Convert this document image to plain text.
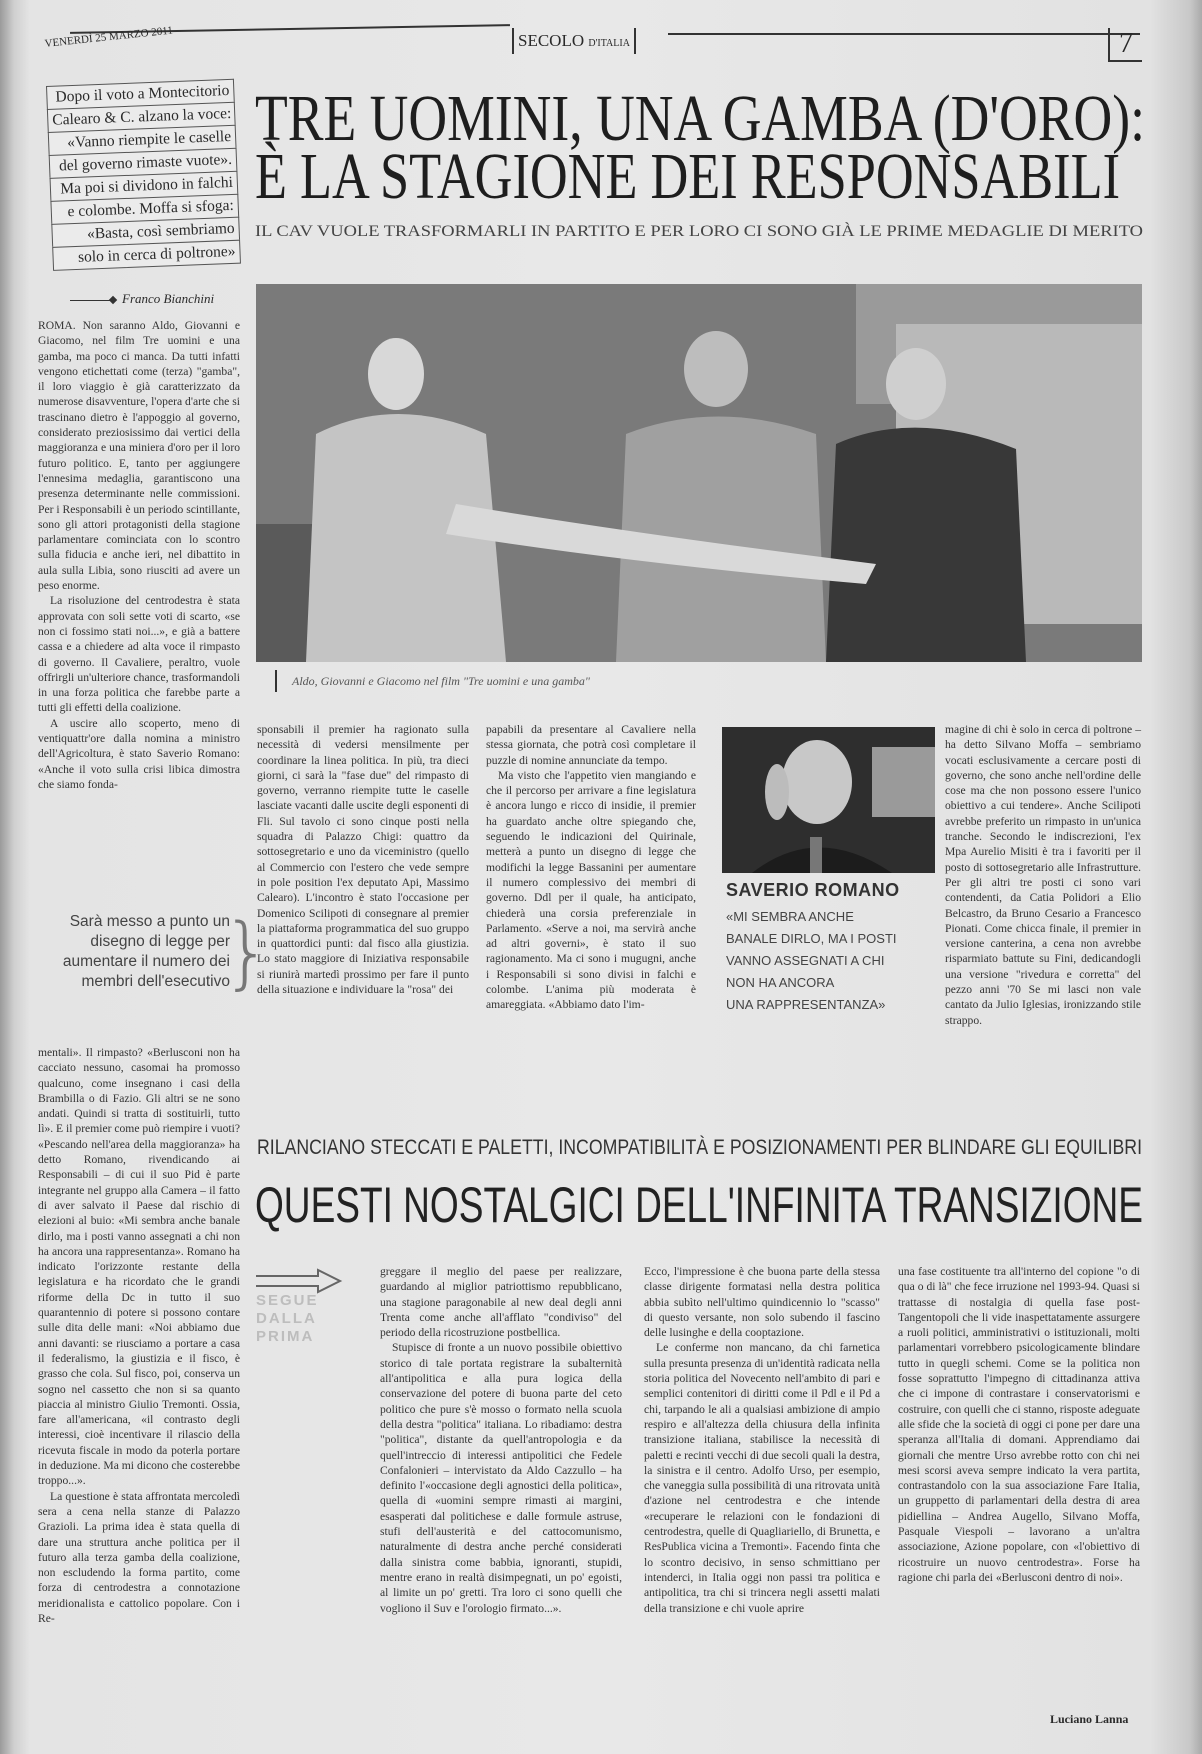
VENERDÌ 25 MARZO 2011	SECOLO D'ITALIA	7
Dopo il voto a Montecitorio
Calearo & C. alzano la voce:
«Vanno riempite le caselle
del governo rimaste vuote».
Ma poi si dividono in falchi
e colombe. Moffa si sfoga:
«Basta, così sembriamo
solo in cerca di poltrone»
TRE UOMINI, UNA GAMBA (D'ORO):
È LA STAGIONE DEI RESPONSABILI
IL CAV VUOLE TRASFORMARLI IN PARTITO E PER LORO CI SONO GIÀ LE PRIME MEDAGLIE DI MERITO
Franco Bianchini

ROMA. Non saranno Aldo, Giovanni e Giacomo, nel film Tre uomini e una gamba, ma poco ci manca. Da tutti infatti vengono etichettati come (terza) "gamba", il loro viaggio è già caratterizzato da numerose disavventure, l'opera d'arte che si trascinano dietro è l'appoggio al governo, considerato preziosissimo dai vertici della maggioranza e una miniera d'oro per il loro futuro politico. E, tanto per aggiungere l'ennesima medaglia, garantiscono una presenza determinante nelle commissioni. Per i Responsabili è un periodo scintillante, sono gli attori protagonisti della stagione parlamentare cominciata con lo scontro sulla fiducia e anche ieri, nel dibattito in aula sulla Libia, sono riusciti ad avere un peso enorme.

La risoluzione del centrodestra è stata approvata con soli sette voti di scarto, «se non ci fossimo stati noi...», e già a battere cassa e a chiedere ad alta voce il rimpasto di governo. Il Cavaliere, peraltro, vuole offrirgli un'ulteriore chance, trasformandoli in una forza politica che farebbe parte a tutti gli effetti della coalizione.

A uscire allo scoperto, meno di ventiquattr'ore dalla nomina a ministro dell'Agricoltura, è stato Saverio Romano: «Anche il voto sulla crisi libica dimostra che siamo fonda-

Sarà messo a punto un disegno di legge per aumentare il numero dei membri dell'esecutivo
}

mentali». Il rimpasto? «Berlusconi non ha cacciato nessuno, casomai ha promosso qualcuno, come insegnano i casi della Brambilla o di Fazio. Gli altri se ne sono andati. Quindi si tratta di sostituirli, tutto lì». E il premier come può riempire i vuoti? «Pescando nell'area della maggioranza» ha detto Romano, rivendicando ai Responsabili – di cui il suo Pid è parte integrante nel gruppo alla Camera – il fatto di aver salvato il Paese dal rischio di elezioni al buio: «Mi sembra anche banale dirlo, ma i posti vanno assegnati a chi non ha ancora una rappresentanza». Romano ha indicato l'orizzonte restante della legislatura e ha ricordato che le grandi riforme della Dc in tutto il suo quarantennio di potere si possono contare sulle dita delle mani: «Noi abbiamo due anni davanti: se riusciamo a portare a casa il federalismo, la giustizia e il fisco, è grasso che cola. Sul fisco, poi, conserva un sogno nel cassetto che non si sa quanto piaccia al ministro Giulio Tremonti. Ossia, fare all'americana, «il contrasto degli interessi, cioè incentivare il rilascio della ricevuta fiscale in modo da poterla portare in deduzione. Ma mi dicono che costerebbe troppo...».

La questione è stata affrontata mercoledì sera a cena nella stanze di Palazzo Grazioli. La prima idea è stata quella di dare una struttura anche politica per il futuro alla terza gamba della coalizione, non escludendo la forma partito, come forza di centrodestra a connotazione meridionalista e cattolico popolare. Con i Re-

Aldo, Giovanni e Giacomo nel film "Tre uomini e una gamba"

sponsabili il premier ha ragionato sulla necessità di vedersi mensilmente per coordinare la linea politica. In più, tra dieci giorni, ci sarà la "fase due" del rimpasto di governo, verranno riempite tutte le caselle lasciate vacanti dalle uscite degli esponenti di Fli. Sul tavolo ci sono cinque posti nella squadra di Palazzo Chigi: quattro da sottosegretario e uno da viceministro (quello al Commercio con l'estero che vede sempre in pole position l'ex deputato Api, Massimo Calearo). L'incontro è stato l'occasione per Domenico Scilipoti di consegnare al premier la piattaforma programmatica del suo gruppo in quattordici punti: dal fisco alla giustizia. Lo stato maggiore di Iniziativa responsabile si riunirà martedì prossimo per fare il punto della situazione e individuare la "rosa" dei

papabili da presentare al Cavaliere nella stessa giornata, che potrà così completare il puzzle di nomine annunciate da tempo.

Ma visto che l'appetito vien mangiando e che il percorso per arrivare a fine legislatura è ancora lungo e ricco di insidie, il premier ha guardato anche oltre spiegando che, seguendo le indicazioni del Quirinale, metterà a punto un disegno di legge che modifichi la legge Bassanini per aumentare il numero complessivo dei membri di governo. Ddl per il quale, ha anticipato, chiederà una corsia preferenziale in Parlamento. «Serve a noi, ma servirà anche ad altri governi», è stato il suo ragionamento. Ma ci sono i mugugni, anche i Responsabili si sono divisi in falchi e colombe. L'anima più moderata è amareggiata. «Abbiamo dato l'im-

SAVERIO ROMANO
«MI SEMBRA ANCHE
BANALE DIRLO, MA I POSTI
VANNO ASSEGNATI A CHI
NON HA ANCORA
UNA RAPPRESENTANZA»

magine di chi è solo in cerca di poltrone – ha detto Silvano Moffa – sembriamo vocati esclusivamente a cercare posti di governo, che sono anche nell'ordine delle cose ma che non possono essere l'unico obiettivo a cui tendere». Anche Scilipoti avrebbe preferito un rimpasto in un'unica tranche. Secondo le indiscrezioni, l'ex Mpa Aurelio Misiti è tra i favoriti per il posto di sottosegretario alle Infrastrutture. Per gli altri tre posti ci sono vari contendenti, da Catia Polidori a Elio Belcastro, da Bruno Cesario a Francesco Pionati. Come chicca finale, il premier in versione canterina, a cena non avrebbe risparmiato battute su Fini, dedicandogli una versione "rivedura e corretta" del pezzo anni '70 Se mi lasci non vale cantato da Julio Iglesias, ironizzando stile strappo.

RILANCIANO STECCATI E PALETTI, INCOMPATIBILITÀ E POSIZIONAMENTI PER BLINDARE GLI EQUILIBRI
QUESTI NOSTALGICI DELL'INFINITA TRANSIZIONE
SEGUE
DALLA
PRIMA

greggare il meglio del paese per realizzare, guardando al miglior patriottismo repubblicano, una stagione paragonabile al new deal degli anni Trenta come anche all'afflato "condiviso" del periodo della ricostruzione postbellica.

Stupisce di fronte a un nuovo possibile obiettivo storico di tale portata registrare la subalternità all'antipolitica e alla pura logica della conservazione del potere di buona parte del ceto politico che pure s'è mosso o formato nella scuola della destra "politica" italiana. Lo ribadiamo: destra "politica", distante da quell'antropologia e da quell'intreccio di interessi antipolitici che Fedele Confalonieri – intervistato da Aldo Cazzullo – ha definito l'«occasione degli agnostici della politica», quella di «uomini sempre rimasti ai margini, esasperati dal politichese e dalle formule astruse, stufi dell'austerità e del cattocomunismo, naturalmente di destra anche perché considerati dalla sinistra come babbia, ignoranti, stupidi, mentre erano in realtà disimpegnati, un po' egoisti, al limite un po' gretti. Tra loro ci sono quelli che vogliono il Suv e l'orologio firmato...».

Ecco, l'impressione è che buona parte della stessa classe dirigente formatasi nella destra politica abbia subìto nell'ultimo quindicennio lo "scasso" di questo versante, non solo subendo il fascino delle lusinghe e della cooptazione.

Le conferme non mancano, da chi farnetica sulla presunta presenza di un'identità radicata nella storia politica del Novecento nell'ambito di pari e semplici contenitori di diritti come il Pdl e il Pd a chi, tarpando le ali a qualsiasi ambizione di ampio respiro e all'altezza della chiusura della infinita transizione italiana, stabilisce la necessità di paletti e recinti vecchi di due secoli quali la destra, la sinistra e il centro. Adolfo Urso, per esempio, che vaneggia sulla possibilità di una ritrovata unità d'azione nel centrodestra e che intende «recuperare le relazioni con le fondazioni di centrodestra, quelle di Quagliariello, di Brunetta, e ResPublica vicina a Tremonti». Facendo finta che lo scontro decisivo, in senso schmittiano per intenderci, in Italia oggi non passi tra politica e antipolitica, tra chi si trincera negli assetti malati della transizione e chi vuole aprire

una fase costituente tra all'interno del copione "o di qua o di là" che fece irruzione nel 1993-94. Quasi si trattasse di nostalgia di quella fase post-Tangentopoli che li vide inaspettatamente assurgere a ruoli politici, amministrativi o istituzionali, molti parlamentari vorrebbero psicologicamente blindare tutto in quegli schemi. Come se la politica non fosse soprattutto l'impegno di cittadinanza attiva che ci impone di contrastare i conservatorismi e costruire, con quelli che ci stanno, risposte adeguate alle sfide che la società di oggi ci pone per dare una speranza all'Italia di domani. Apprendiamo dai giornali che mentre Urso avrebbe rotto con chi nei mesi scorsi aveva sempre indicato la vera partita, contrastandolo con la sua associazione Fare Italia, un gruppetto di parlamentari della destra di area pidiellina – Andrea Augello, Silvano Moffa, Pasquale Viespoli – lavorano a un'altra associazione, Azione popolare, con «l'obiettivo di ricostruire un nuovo centrodestra». Forse ha ragione chi parla dei «Berlusconi dentro di noi».

Luciano Lanna
